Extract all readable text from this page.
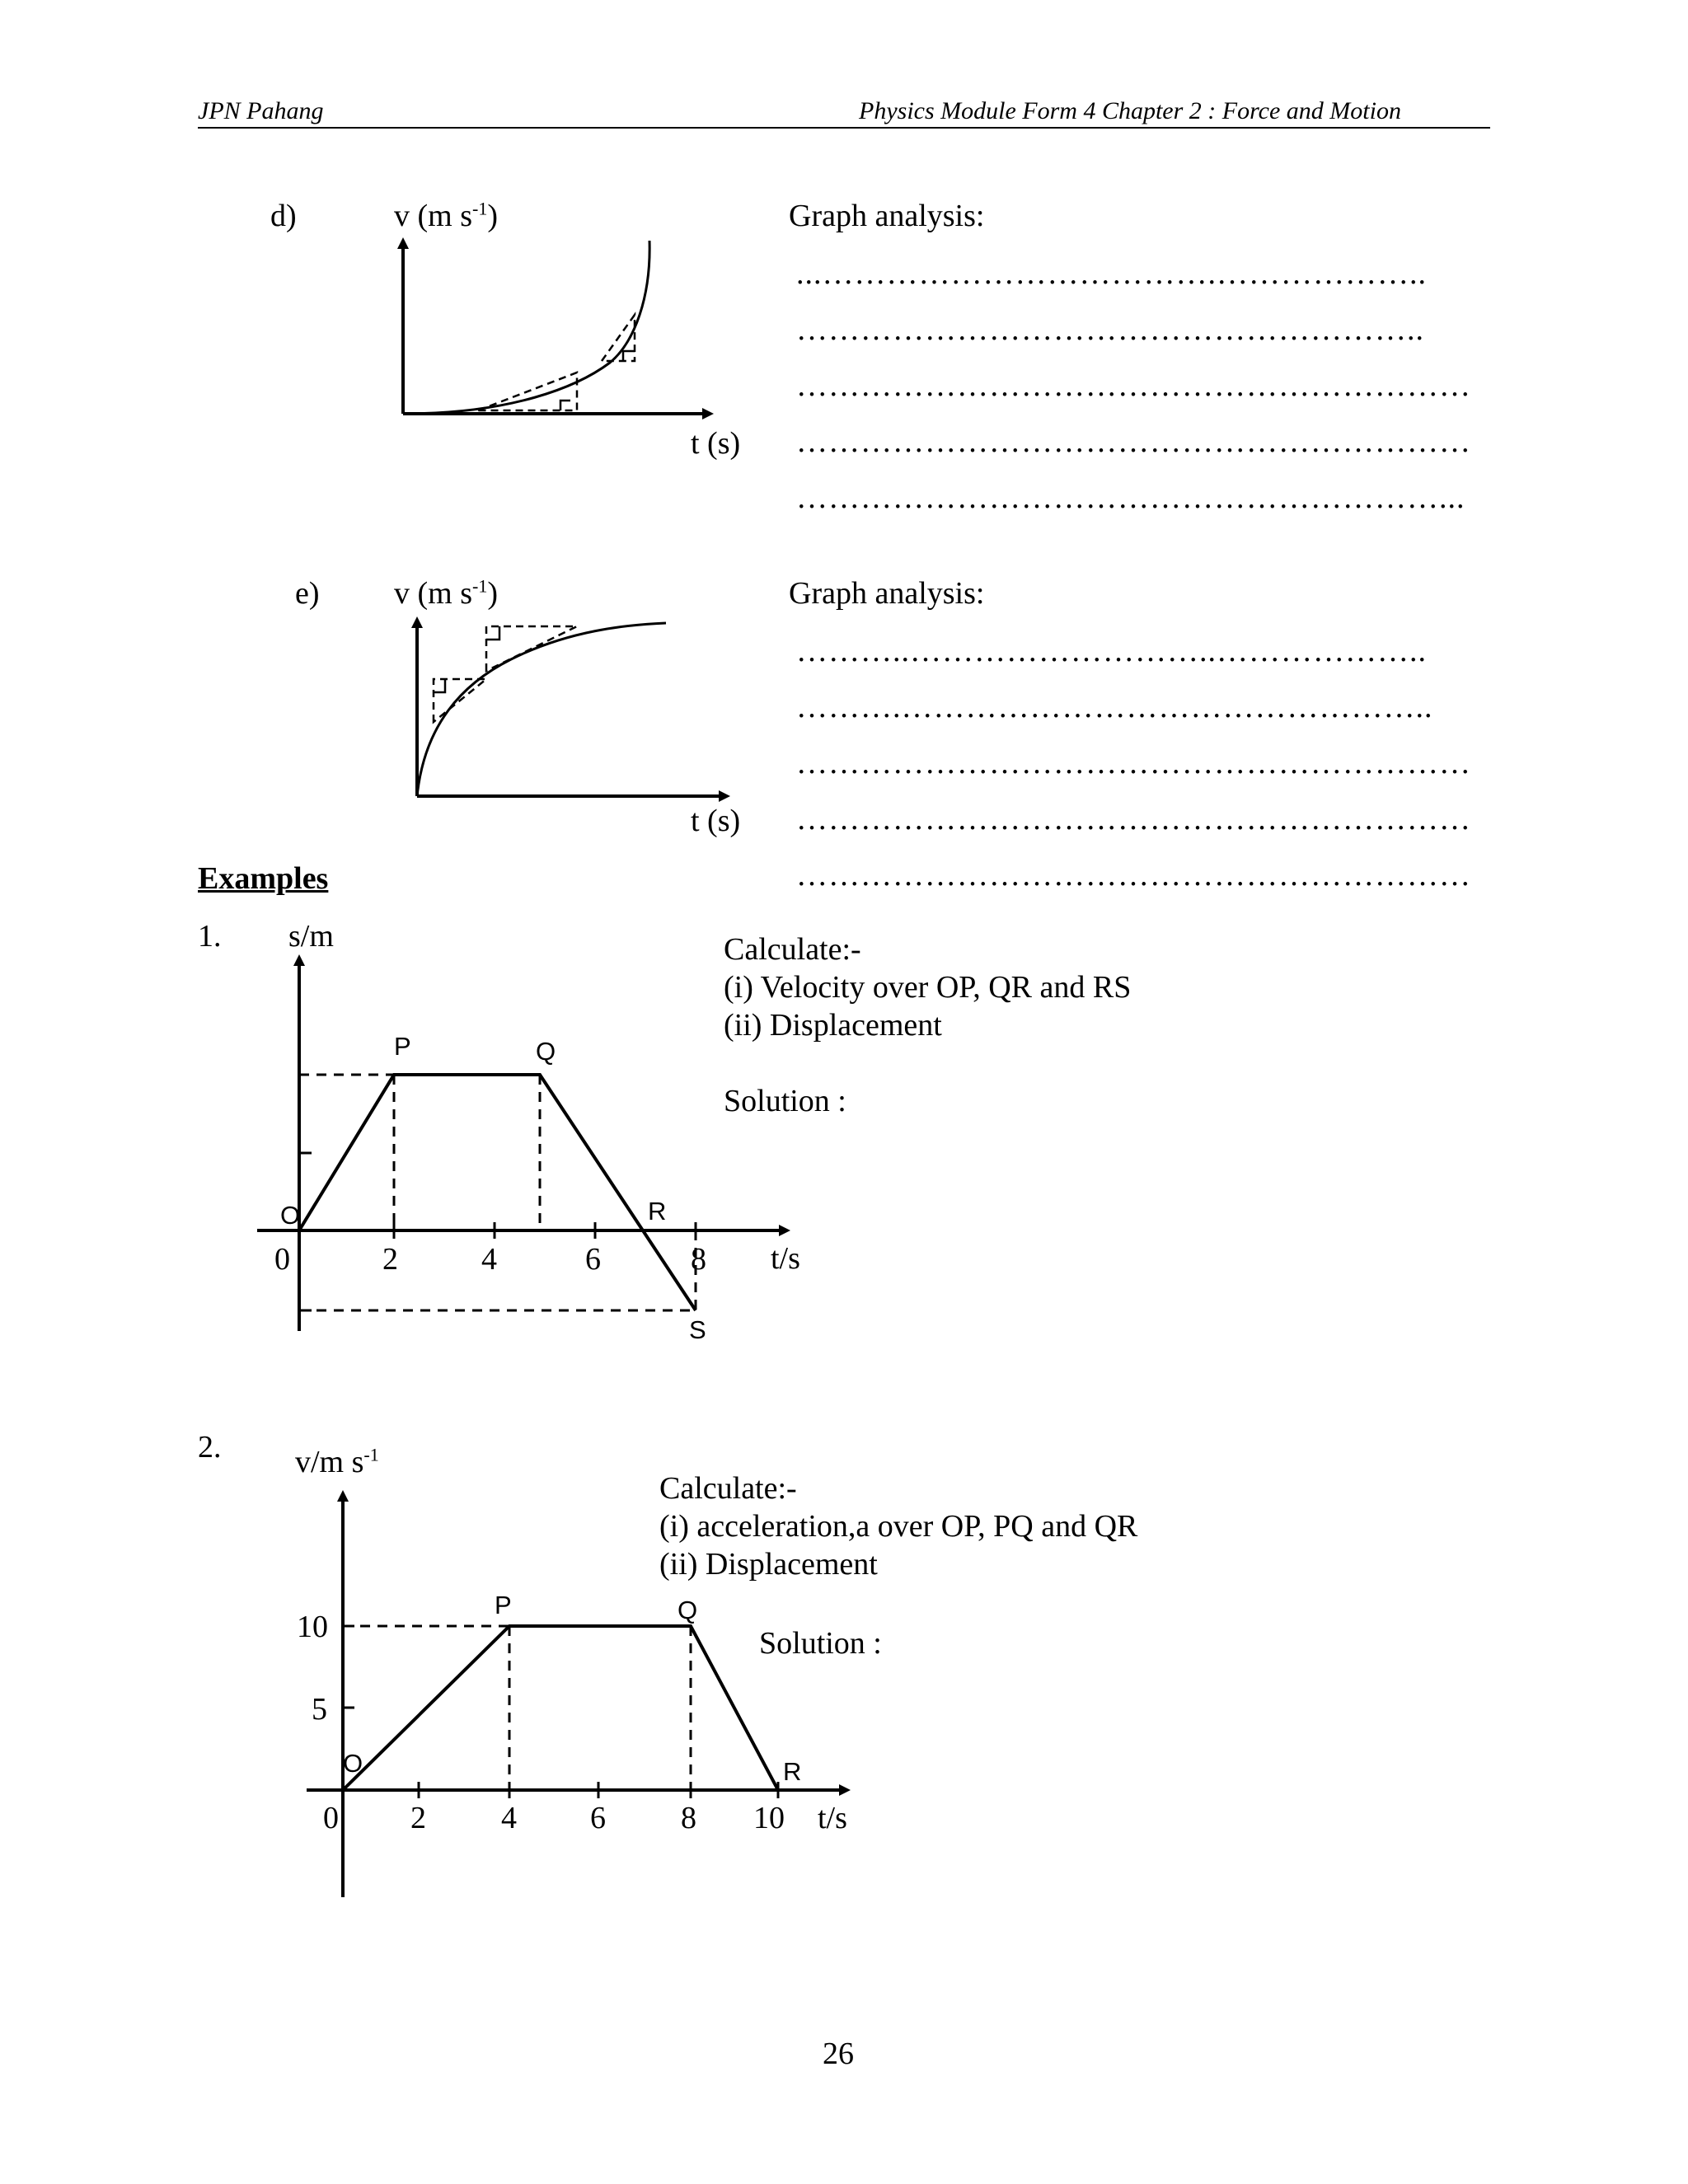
JPN Pahang	Physics Module Form 4 Chapter 2 : Force and Motion
d)	v (m $s^{-1}$)
t (s)
Graph analysis:
...……………………………….………………..
…………………………………………………..
………………………………………………………
………………………………………………………
……………………………………………………...
e) v (m $s^{-1}$)
t (s)
Graph analysis:
………..………………………..………………..
……….…………………………………………..
………………………………………………………
………………………………………………………
………………………………………………………
Examples
1. s/m
t/s
Calculate:-
(i) Velocity over OP, QR and RS
(ii) Displacement
Solution :
2. v/m $s^{-1}$
t/s
Calculate:-
(i) acceleration,a over OP, PQ and QR
(ii) Displacement
Solution :
26
O
P	Q
R
S
0	2	4	6	8
O
P	Q
R
0 2 4 6 8 10
10
5
